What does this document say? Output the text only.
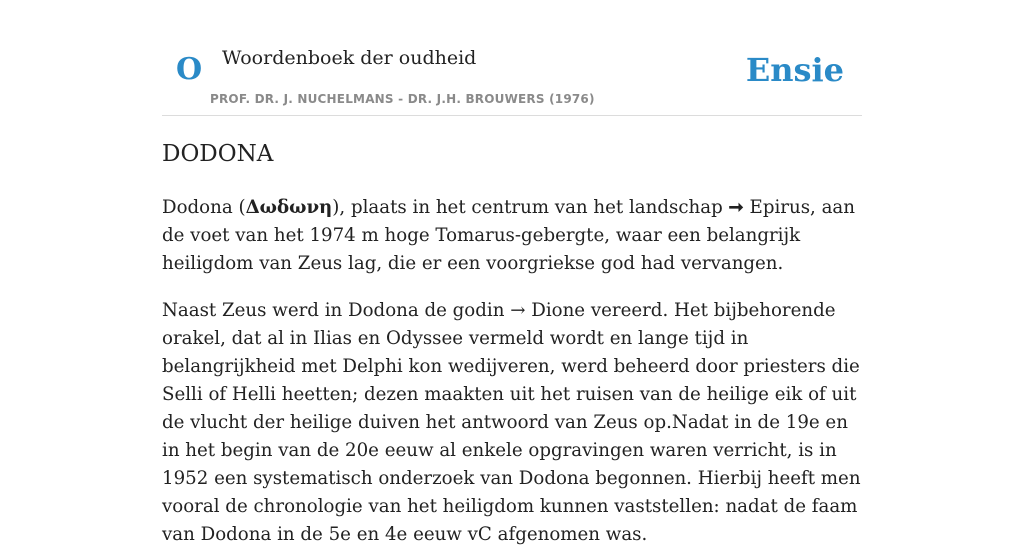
O Woordenboek der oudheid
PROF. DR. J. NUCHELMANS - DR. J.H. BROUWERS (1976)
Ensie
DODONA

Dodona (Δωδωνη), plaats in het centrum van het landschap ➞ Epirus, aan de voet van het 1974 m hoge Tomarus-gebergte, waar een belangrijk heiligdom van Zeus lag, die er een voorgriekse god had vervangen.

Naast Zeus werd in Dodona de godin → Dione vereerd. Het bijbehorende orakel, dat al in Ilias en Odyssee vermeld wordt en lange tijd in belangrijkheid met Delphi kon wedijveren, werd beheerd door priesters die Selli of Helli heetten; dezen maakten uit het ruisen van de heilige eik of uit de vlucht der heilige duiven het antwoord van Zeus op.Nadat in de 19e en in het begin van de 20e eeuw al enkele opgravingen waren verricht, is in 1952 een systematisch onderzoek van Dodona begonnen. Hierbij heeft men vooral de chronologie van het heiligdom kunnen vaststellen: nadat de faam van Dodona in de 5e en 4e eeuw vC afgenomen was.
